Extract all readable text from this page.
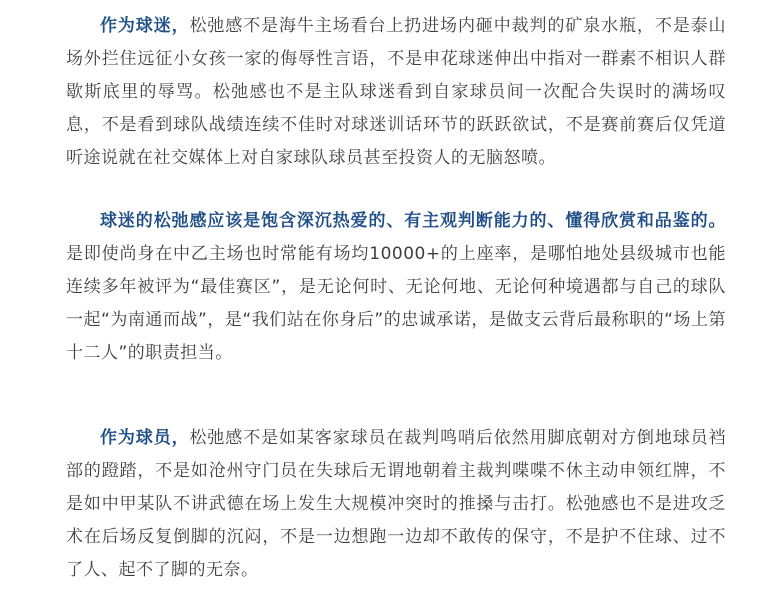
作为球迷，松弛感不是海牛主场看台上扔进场内砸中裁判的矿泉水瓶，不是泰山场外拦住远征小女孩一家的侮辱性言语，不是申花球迷伸出中指对一群素不相识人群歇斯底里的辱骂。松弛感也不是主队球迷看到自家球员间一次配合失误时的满场叹息，不是看到球队战绩连续不佳时对球迷训话环节的跃跃欲试，不是赛前赛后仅凭道听途说就在社交媒体上对自家球队球员甚至投资人的无脑怒喷。

球迷的松弛感应该是饱含深沉热爱的、有主观判断能力的、懂得欣赏和品鉴的。是即使尚身在中乙主场也时常能有场均10000+的上座率，是哪怕地处县级城市也能连续多年被评为“最佳赛区”，是无论何时、无论何地、无论何种境遇都与自己的球队一起“为南通而战”，是“我们站在你身后”的忠诚承诺，是做支云背后最称职的“场上第十二人”的职责担当。

作为球员，松弛感不是如某客家球员在裁判鸣哨后依然用脚底朝对方倒地球员裆部的蹬踏，不是如沧州守门员在失球后无谓地朝着主裁判喋喋不休主动申领红牌，不是如中甲某队不讲武德在场上发生大规模冲突时的推搡与击打。松弛感也不是进攻乏术在后场反复倒脚的沉闷，不是一边想跑一边却不敢传的保守，不是护不住球、过不了人、起不了脚的无奈。
